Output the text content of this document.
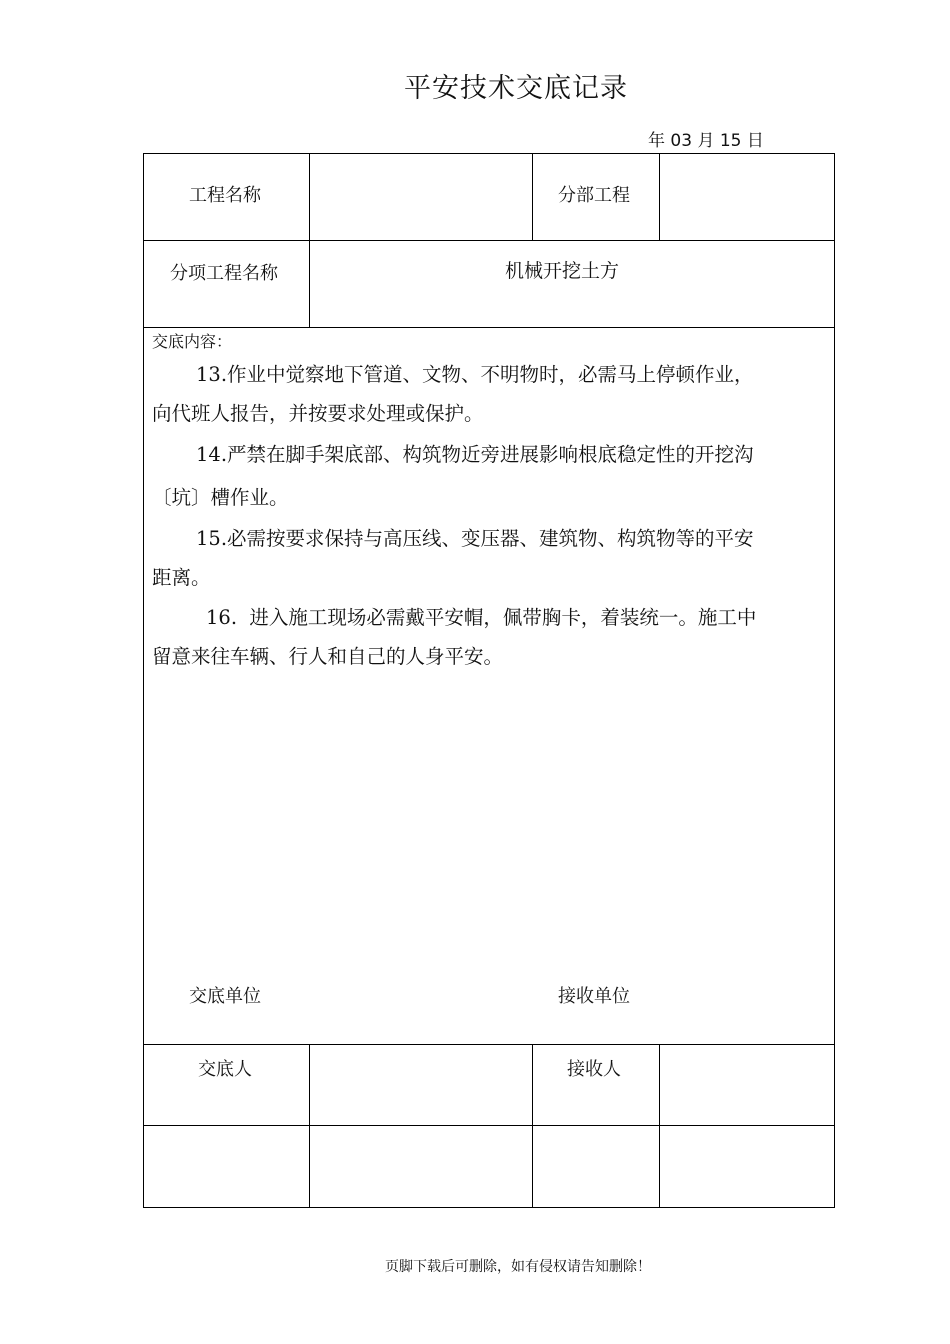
平安技术交底记录
年 03 月 15 日
工程名称	分部工程
分项工程名称	机械开挖土方
交底内容：
13.作业中觉察地下管道、文物、不明物时，必需马上停顿作业，
向代班人报告，并按要求处理或保护。
14.严禁在脚手架底部、构筑物近旁进展影响根底稳定性的开挖沟
〔坑〕槽作业。
15.必需按要求保持与高压线、变压器、建筑物、构筑物等的平安
距离。
16.  进入施工现场必需戴平安帽，佩带胸卡，着装统一。施工中
留意来往车辆、行人和自己的人身平安。
交底单位	接收单位
交底人	接收人
页脚下载后可删除，如有侵权请告知删除！
